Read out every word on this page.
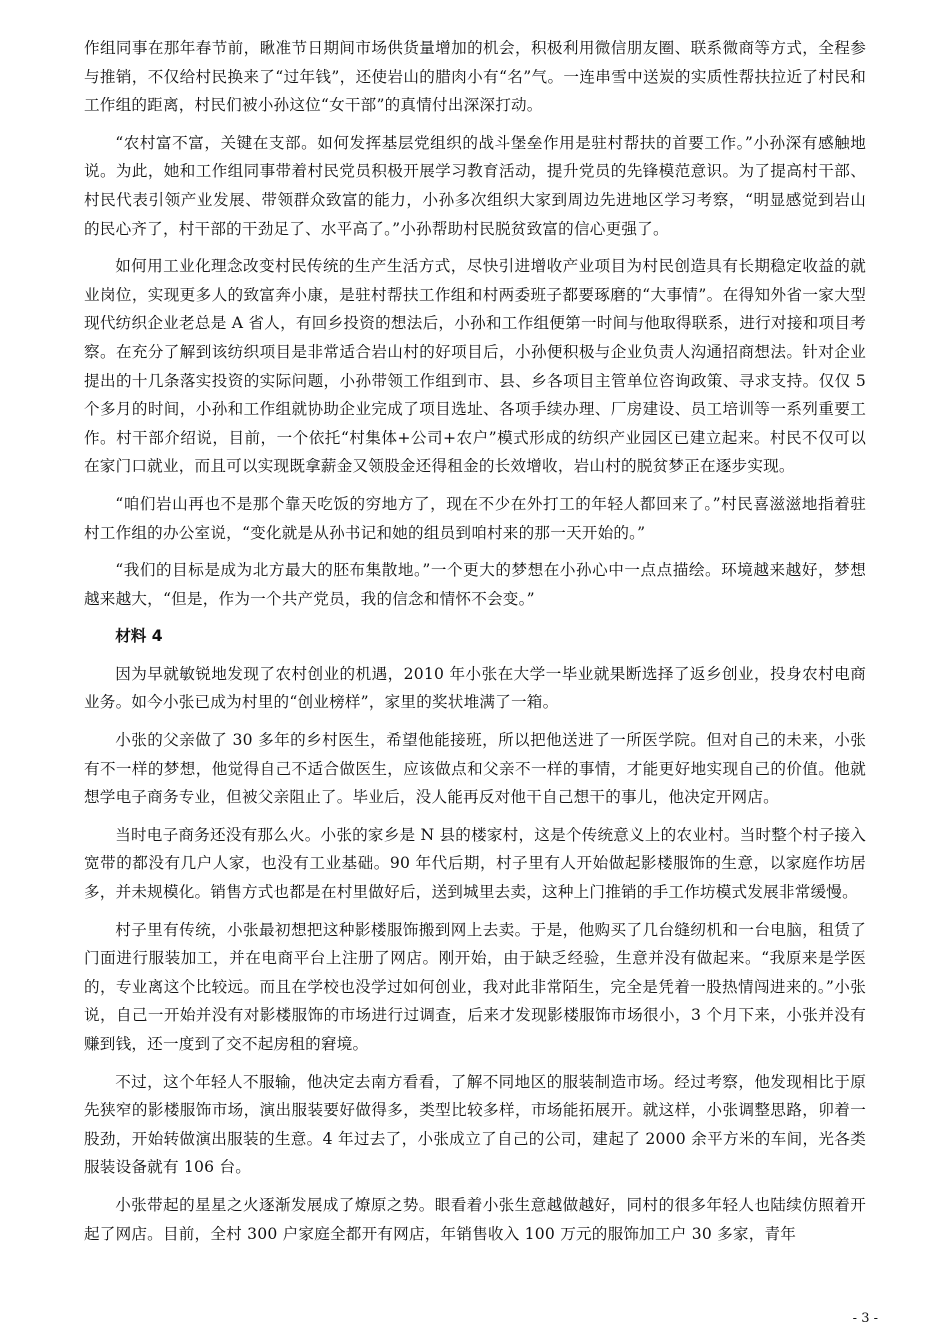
作组同事在那年春节前，瞅准节日期间市场供货量增加的机会，积极利用微信朋友圈、联系微商等方式，全程参与推销，不仅给村民换来了“过年钱”，还使岩山的腊肉小有“名”气。一连串雪中送炭的实质性帮扶拉近了村民和工作组的距离，村民们被小孙这位“女干部”的真情付出深深打动。

“农村富不富，关键在支部。如何发挥基层党组织的战斗堡垒作用是驻村帮扶的首要工作。”小孙深有感触地说。为此，她和工作组同事带着村民党员积极开展学习教育活动，提升党员的先锋模范意识。为了提高村干部、村民代表引领产业发展、带领群众致富的能力，小孙多次组织大家到周边先进地区学习考察，“明显感觉到岩山的民心齐了，村干部的干劲足了、水平高了。”小孙帮助村民脱贫致富的信心更强了。

如何用工业化理念改变村民传统的生产生活方式，尽快引进增收产业项目为村民创造具有长期稳定收益的就业岗位，实现更多人的致富奔小康，是驻村帮扶工作组和村两委班子都要琢磨的“大事情”。在得知外省一家大型现代纺织企业老总是 A 省人，有回乡投资的想法后，小孙和工作组便第一时间与他取得联系，进行对接和项目考察。在充分了解到该纺织项目是非常适合岩山村的好项目后，小孙便积极与企业负责人沟通招商想法。针对企业提出的十几条落实投资的实际问题，小孙带领工作组到市、县、乡各项目主管单位咨询政策、寻求支持。仅仅 5 个多月的时间，小孙和工作组就协助企业完成了项目选址、各项手续办理、厂房建设、员工培训等一系列重要工作。村干部介绍说，目前，一个依托“村集体+公司+农户”模式形成的纺织产业园区已建立起来。村民不仅可以在家门口就业，而且可以实现既拿薪金又领股金还得租金的长效增收，岩山村的脱贫梦正在逐步实现。

“咱们岩山再也不是那个靠天吃饭的穷地方了，现在不少在外打工的年轻人都回来了。”村民喜滋滋地指着驻村工作组的办公室说，“变化就是从孙书记和她的组员到咱村来的那一天开始的。”

“我们的目标是成为北方最大的胚布集散地。”一个更大的梦想在小孙心中一点点描绘。环境越来越好，梦想越来越大，“但是，作为一个共产党员，我的信念和情怀不会变。”

材料 4

因为早就敏锐地发现了农村创业的机遇，2010 年小张在大学一毕业就果断选择了返乡创业，投身农村电商业务。如今小张已成为村里的“创业榜样”，家里的奖状堆满了一箱。

小张的父亲做了 30 多年的乡村医生，希望他能接班，所以把他送进了一所医学院。但对自己的未来，小张有不一样的梦想，他觉得自己不适合做医生，应该做点和父亲不一样的事情，才能更好地实现自己的价值。他就想学电子商务专业，但被父亲阻止了。毕业后，没人能再反对他干自己想干的事儿，他决定开网店。

当时电子商务还没有那么火。小张的家乡是 N 县的楼家村，这是个传统意义上的农业村。当时整个村子接入宽带的都没有几户人家，也没有工业基础。90 年代后期，村子里有人开始做起影楼服饰的生意，以家庭作坊居多，并未规模化。销售方式也都是在村里做好后，送到城里去卖，这种上门推销的手工作坊模式发展非常缓慢。

村子里有传统，小张最初想把这种影楼服饰搬到网上去卖。于是，他购买了几台缝纫机和一台电脑，租赁了门面进行服装加工，并在电商平台上注册了网店。刚开始，由于缺乏经验，生意并没有做起来。“我原来是学医的，专业离这个比较远。而且在学校也没学过如何创业，我对此非常陌生，完全是凭着一股热情闯进来的。”小张说，自己一开始并没有对影楼服饰的市场进行过调查，后来才发现影楼服饰市场很小，3 个月下来，小张并没有赚到钱，还一度到了交不起房租的窘境。

不过，这个年轻人不服输，他决定去南方看看，了解不同地区的服装制造市场。经过考察，他发现相比于原先狭窄的影楼服饰市场，演出服装要好做得多，类型比较多样，市场能拓展开。就这样，小张调整思路，卯着一股劲，开始转做演出服装的生意。4 年过去了，小张成立了自己的公司，建起了 2000 余平方米的车间，光各类服装设备就有 106 台。

小张带起的星星之火逐渐发展成了燎原之势。眼看着小张生意越做越好，同村的很多年轻人也陆续仿照着开起了网店。目前，全村 300 户家庭全都开有网店，年销售收入 100 万元的服饰加工户 30 多家，青年

- 3 -
